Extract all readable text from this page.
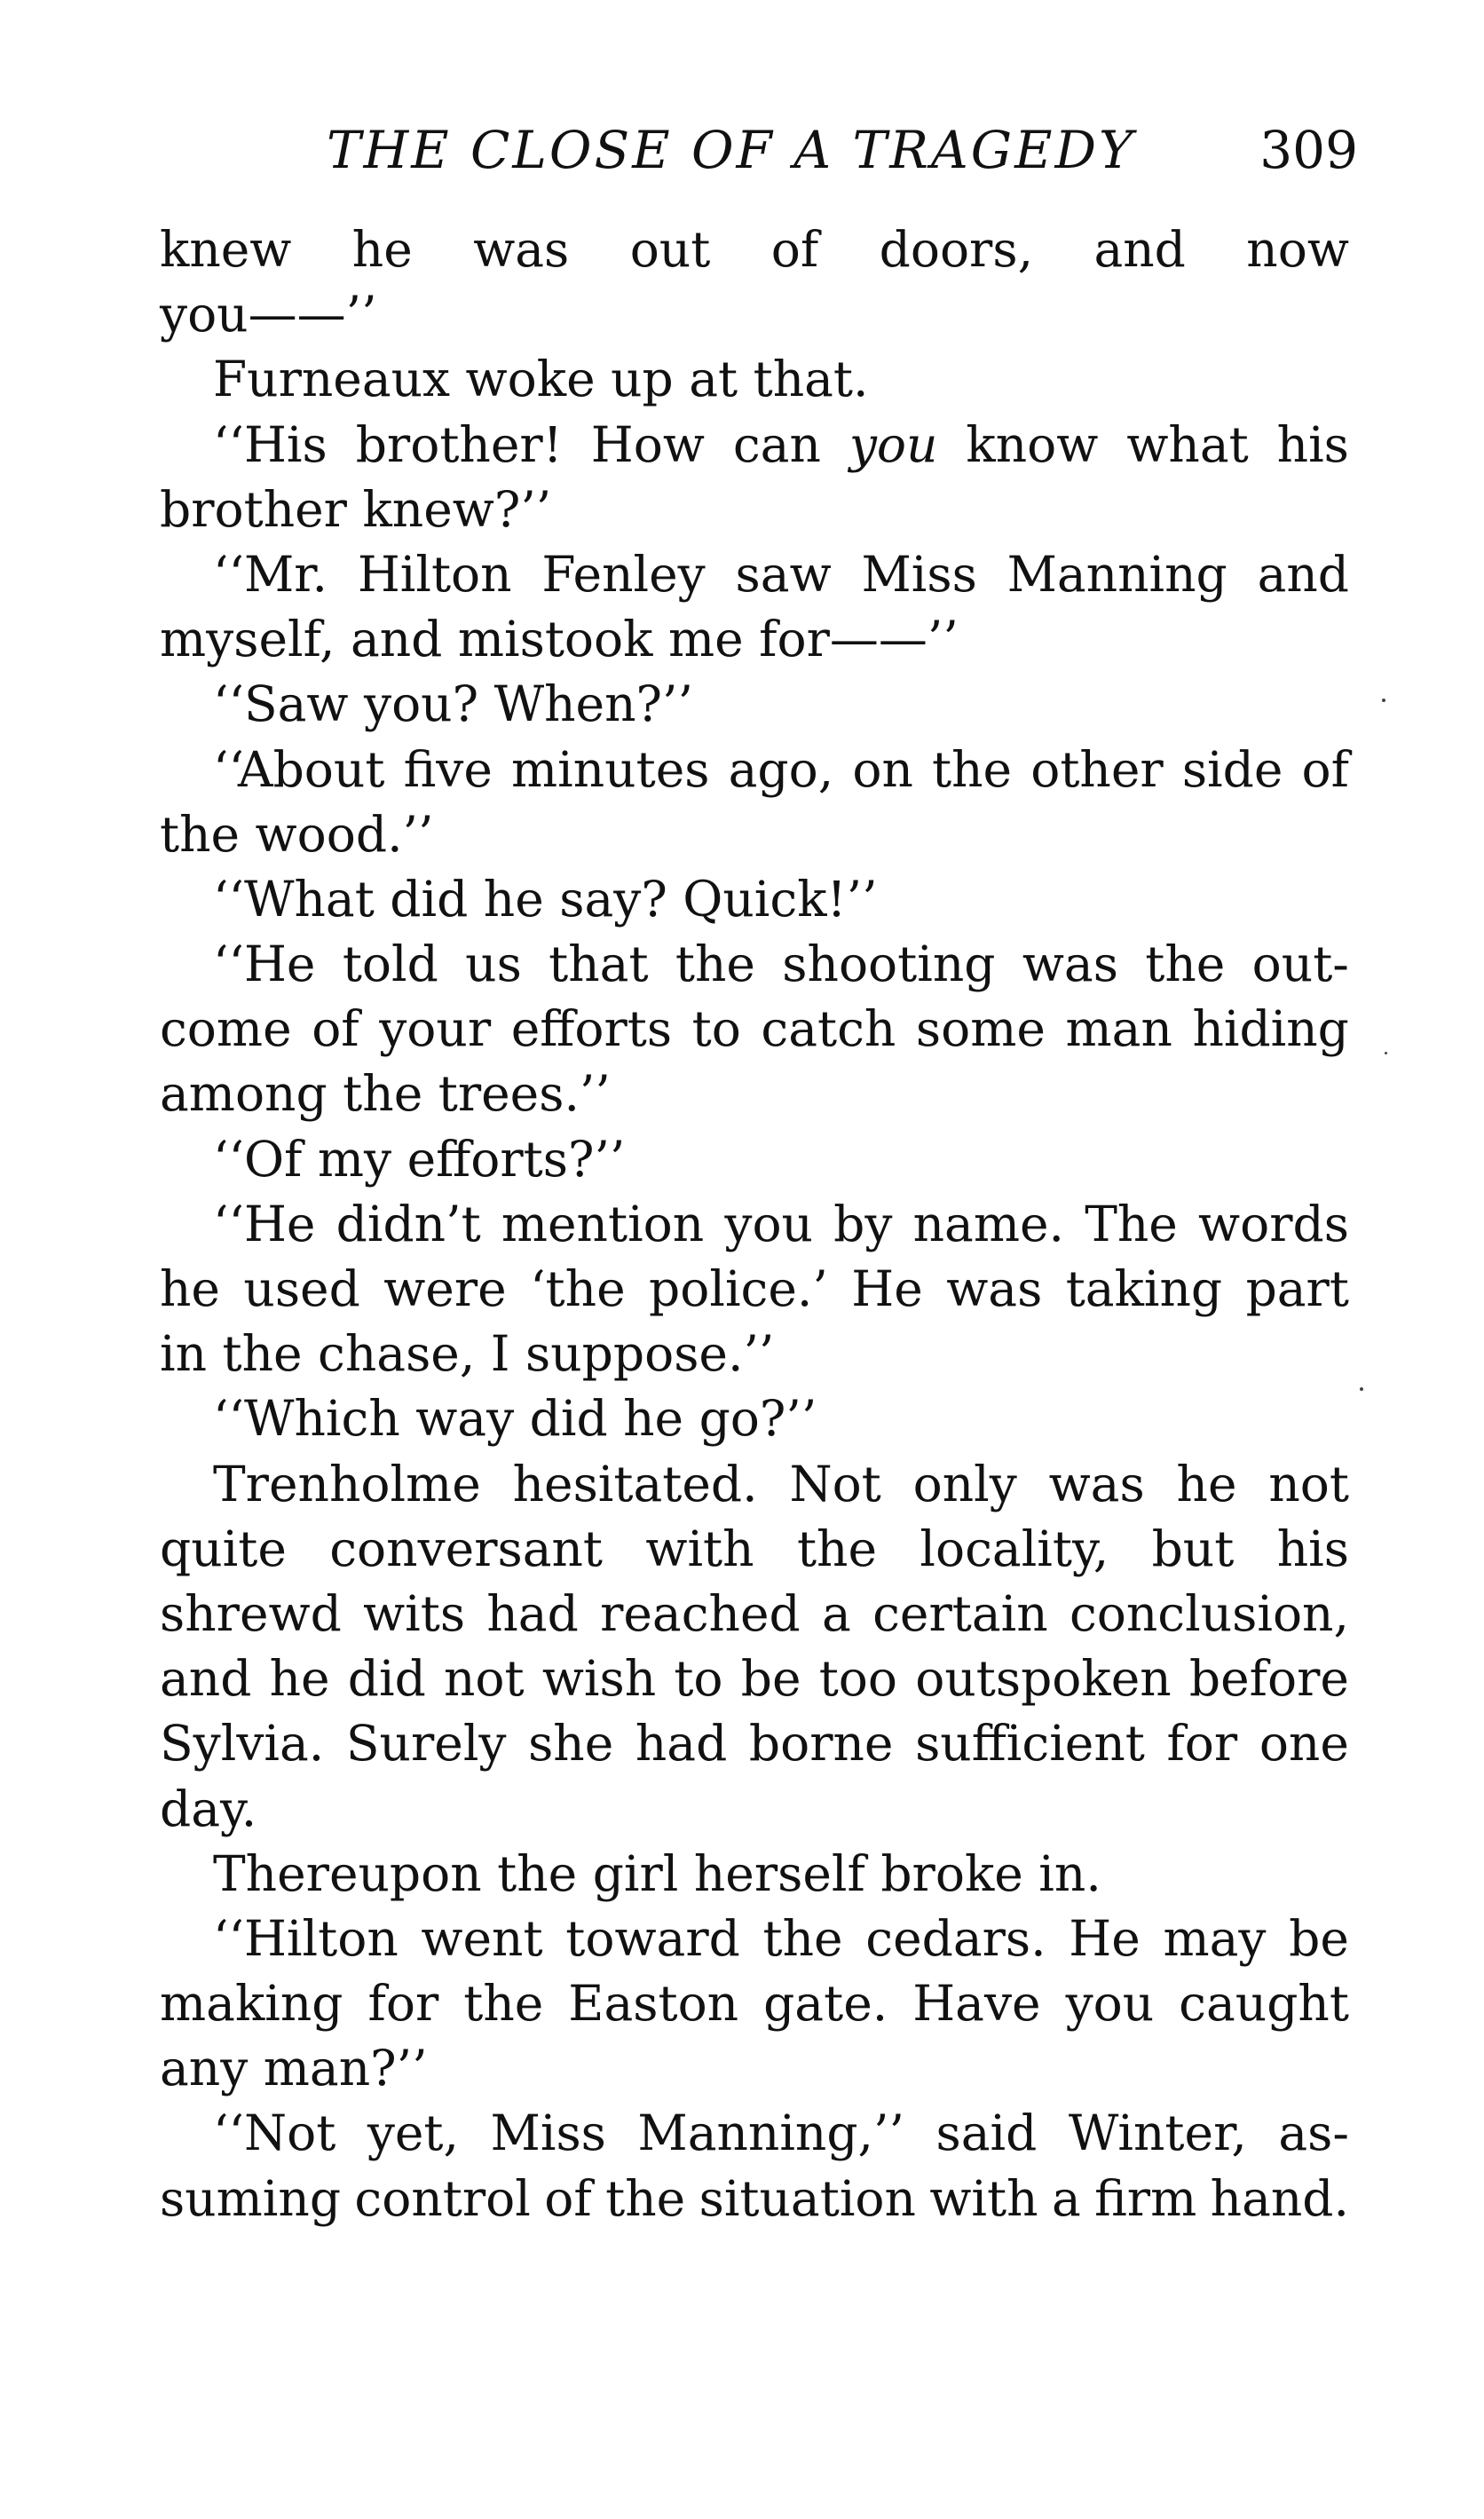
THE CLOSE OF A TRAGEDY 309
knew he was out of doors, and now
you——’’
Furneaux woke up at that.
‘‘His brother! How can you know what his
brother knew?’’
‘‘Mr. Hilton Fenley saw Miss Manning and
myself, and mistook me for——’’
‘‘Saw you? When?’’
‘‘About five minutes ago, on the other side of
the wood.’’
‘‘What did he say? Quick!’’
‘‘He told us that the shooting was the out-
come of your efforts to catch some man hiding
among the trees.’’
‘‘Of my efforts?’’
‘‘He didn’t mention you by name. The words
he used were ‘the police.’ He was taking part
in the chase, I suppose.’’
‘‘Which way did he go?’’
Trenholme hesitated. Not only was he not
quite conversant with the locality, but his
shrewd wits had reached a certain conclusion,
and he did not wish to be too outspoken before
Sylvia. Surely she had borne sufficient for one
day.
Thereupon the girl herself broke in.
‘‘Hilton went toward the cedars. He may be
making for the Easton gate. Have you caught
any man?’’
‘‘Not yet, Miss Manning,’’ said Winter, as-
suming control of the situation with a firm hand.
